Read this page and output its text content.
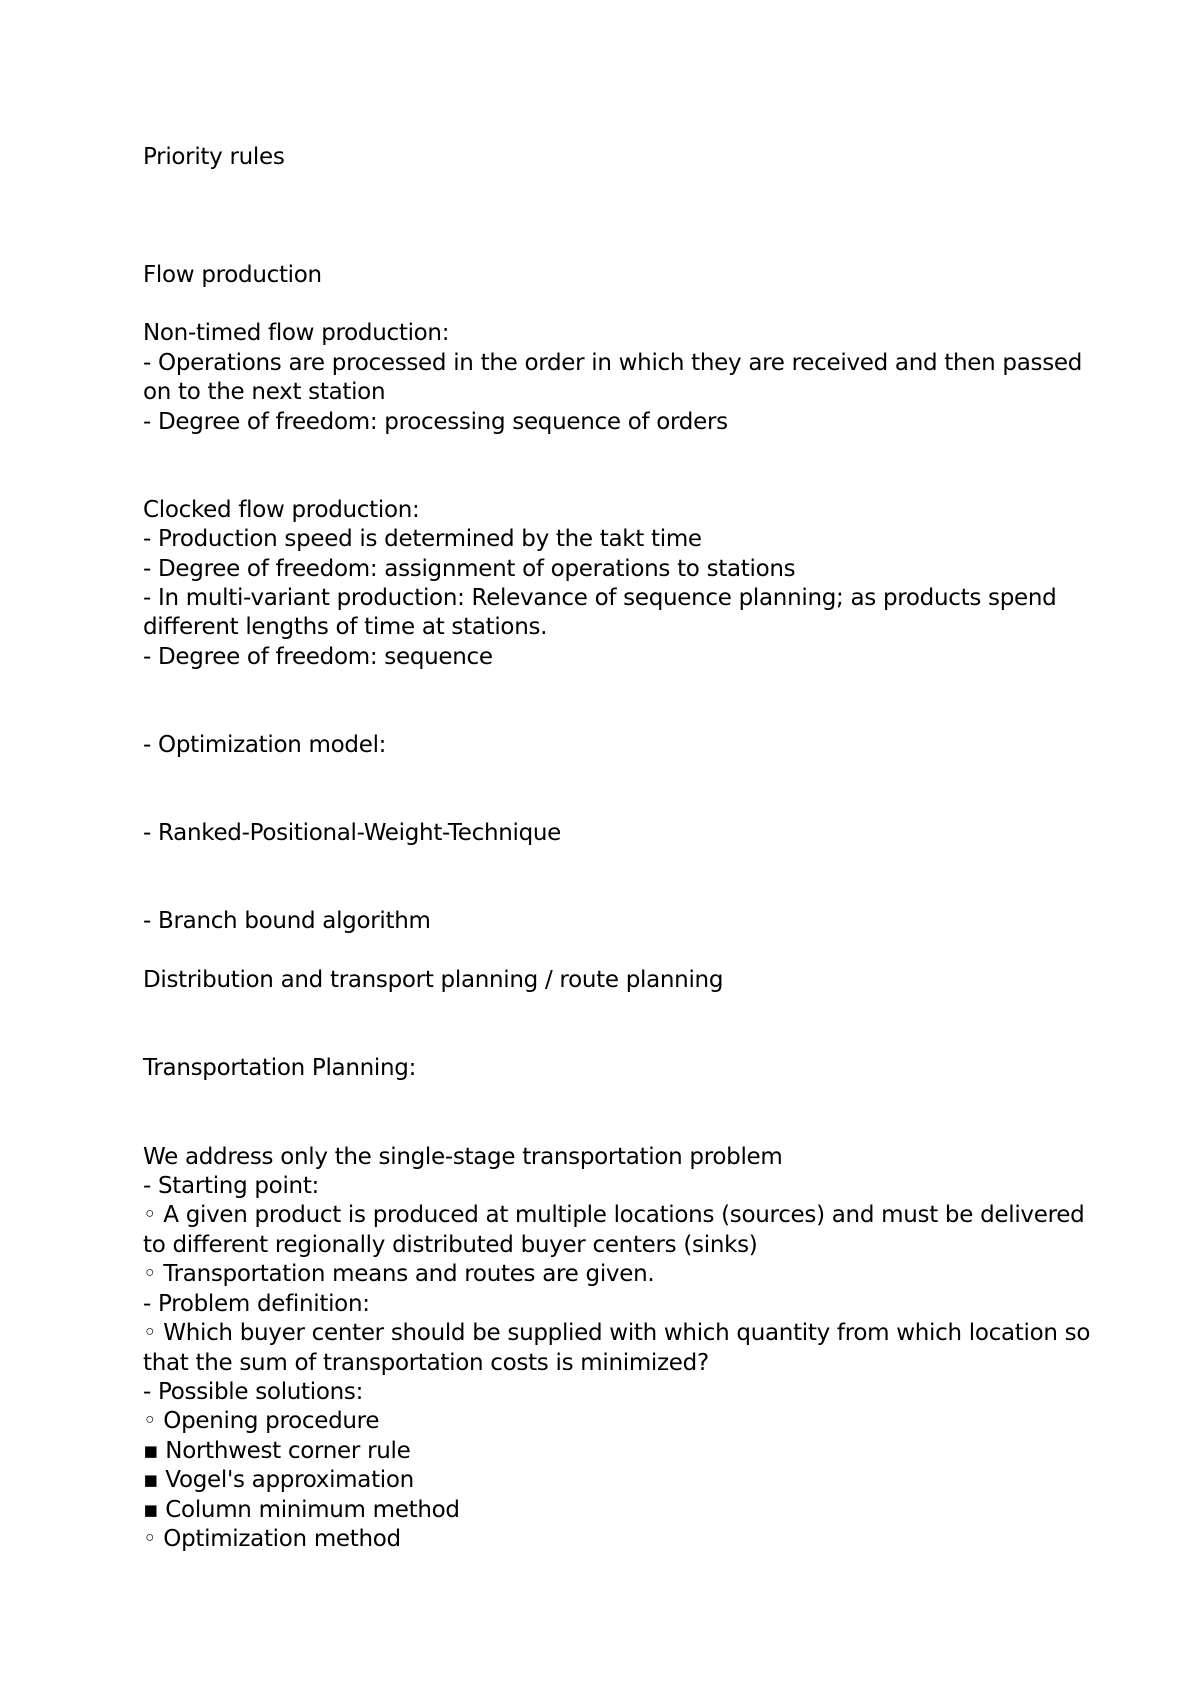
Priority rules
Flow production
Non-timed flow production:
- Operations are processed in the order in which they are received and then passed
on to the next station
- Degree of freedom: processing sequence of orders
Clocked flow production:
- Production speed is determined by the takt time
- Degree of freedom: assignment of operations to stations
- In multi-variant production: Relevance of sequence planning; as products spend
different lengths of time at stations.
- Degree of freedom: sequence
- Optimization model:
- Ranked-Positional-Weight-Technique
- Branch bound algorithm
Distribution and transport planning / route planning
Transportation Planning:
We address only the single-stage transportation problem
- Starting point:
◦ A given product is produced at multiple locations (sources) and must be delivered
to different regionally distributed buyer centers (sinks)
◦ Transportation means and routes are given.
- Problem definition:
◦ Which buyer center should be supplied with which quantity from which location so
that the sum of transportation costs is minimized?
- Possible solutions:
◦ Opening procedure
▪ Northwest corner rule
▪ Vogel's approximation
▪ Column minimum method
◦ Optimization method
